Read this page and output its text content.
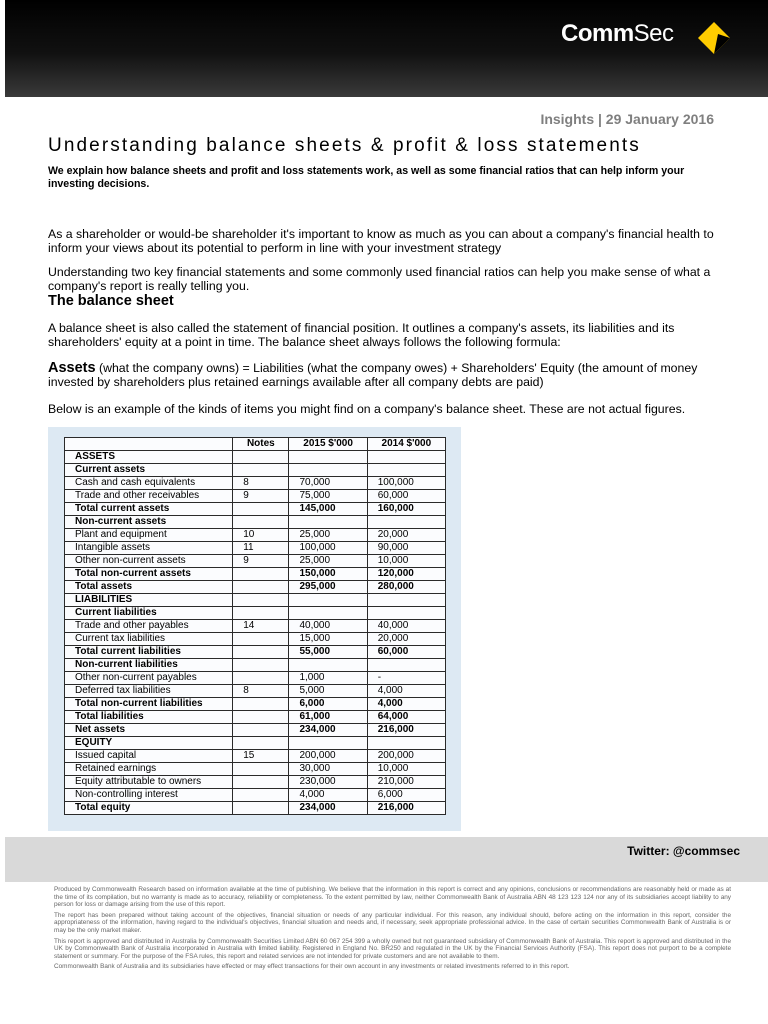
CommSec
Insights | 29 January 2016
Understanding balance sheets & profit & loss statements
We explain how balance sheets and profit and loss statements work, as well as some financial ratios that can help inform your investing decisions.

As a shareholder or would-be shareholder it's important to know as much as you can about a company's financial health to inform your views about its potential to perform in line with your investment strategy

Understanding two key financial statements and some commonly used financial ratios can help you make sense of what a company's report is really telling you.

The balance sheet

A balance sheet is also called the statement of financial position. It outlines a company's assets, its liabilities and its shareholders' equity at a point in time. The balance sheet always follows the following formula:

Assets (what the company owns) = Liabilities (what the company owes) + Shareholders' Equity (the amount of money invested by shareholders plus retained earnings available after all company debts are paid)

Below is an example of the kinds of items you might find on a company's balance sheet. These are not actual figures.

	Notes	2015 $'000	2014 $'000
ASSETS			
Current assets			
Cash and cash equivalents	8	70,000	100,000
Trade and other receivables	9	75,000	60,000
Total current assets		145,000	160,000
Non-current assets			
Plant and equipment	10	25,000	20,000
Intangible assets	11	100,000	90,000
Other non-current assets	9	25,000	10,000
Total non-current assets		150,000	120,000
Total assets		295,000	280,000
LIABILITIES			
Current liabilities			
Trade and other payables	14	40,000	40,000
Current tax liabilities		15,000	20,000
Total current liabilities		55,000	60,000
Non-current liabilities			
Other non-current payables		1,000	-
Deferred tax liabilities	8	5,000	4,000
Total non-current liabilities		6,000	4,000
Total liabilities		61,000	64,000
Net assets		234,000	216,000
EQUITY			
Issued capital	15	200,000	200,000
Retained earnings		30,000	10,000
Equity attributable to owners		230,000	210,000
Non-controlling interest		4,000	6,000
Total equity		234,000	216,000
Twitter: @commsec

Produced by Commonwealth Research based on information available at the time of publishing. We believe that the information in this report is correct and any opinions, conclusions or recommendations are reasonably held or made as at the time of its compilation, but no warranty is made as to accuracy, reliability or completeness. To the extent permitted by law, neither Commonwealth Bank of Australia ABN 48 123 123 124 nor any of its subsidiaries accept liability to any person for loss or damage arising from the use of this report.

The report has been prepared without taking account of the objectives, financial situation or needs of any particular individual. For this reason, any individual should, before acting on the information in this report, consider the appropriateness of the information, having regard to the individual's objectives, financial situation and needs and, if necessary, seek appropriate professional advice. In the case of certain securities Commonwealth Bank of Australia is or may be the only market maker.

This report is approved and distributed in Australia by Commonwealth Securities Limited ABN 60 067 254 399 a wholly owned but not guaranteed subsidiary of Commonwealth Bank of Australia. This report is approved and distributed in the UK by Commonwealth Bank of Australia incorporated in Australia with limited liability. Registered in England No. BR250 and regulated in the UK by the Financial Services Authority (FSA). This report does not purport to be a complete statement or summary. For the purpose of the FSA rules, this report and related services are not intended for private customers and are not available to them.

Commonwealth Bank of Australia and its subsidiaries have effected or may effect transactions for their own account in any investments or related investments referred to in this report.
